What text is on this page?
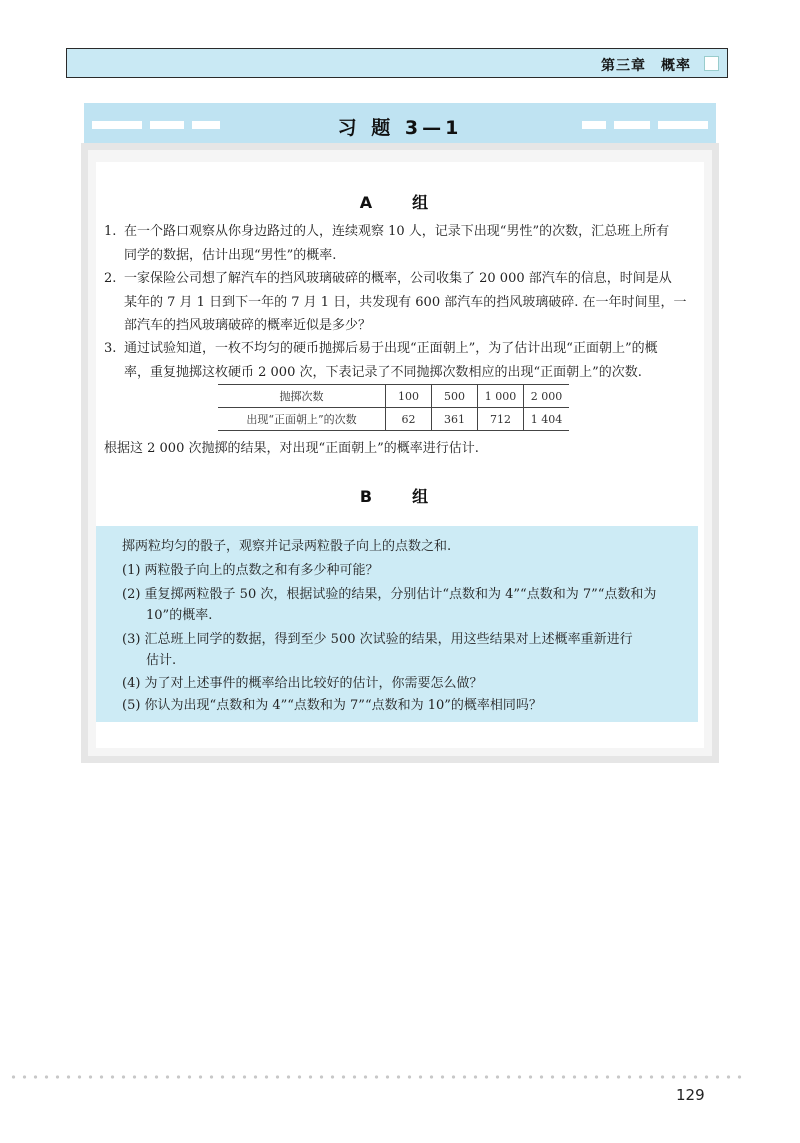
第三章　概率
习 题 3—1
A　组
1. 在一个路口观察从你身边路过的人，连续观察 10 人，记录下出现“男性”的次数，汇总班上所有
同学的数据，估计出现“男性”的概率.
2. 一家保险公司想了解汽车的挡风玻璃破碎的概率，公司收集了 20 000 部汽车的信息，时间是从
某年的 7 月 1 日到下一年的 7 月 1 日，共发现有 600 部汽车的挡风玻璃破碎. 在一年时间里，一
部汽车的挡风玻璃破碎的概率近似是多少？
3. 通过试验知道，一枚不均匀的硬币抛掷后易于出现“正面朝上”，为了估计出现“正面朝上”的概
率，重复抛掷这枚硬币 2 000 次，下表记录了不同抛掷次数相应的出现“正面朝上”的次数.
抛掷次数	100	500	1 000	2 000
出现“正面朝上”的次数	62	361	712	1 404
根据这 2 000 次抛掷的结果，对出现“正面朝上”的概率进行估计.
B　组
掷两粒均匀的骰子，观察并记录两粒骰子向上的点数之和.
(1) 两粒骰子向上的点数之和有多少种可能？
(2) 重复掷两粒骰子 50 次，根据试验的结果，分别估计“点数和为 4”“点数和为 7”“点数和为
10”的概率.
(3) 汇总班上同学的数据，得到至少 500 次试验的结果，用这些结果对上述概率重新进行
估计.
(4) 为了对上述事件的概率给出比较好的估计，你需要怎么做？
(5) 你认为出现“点数和为 4”“点数和为 7”“点数和为 10”的概率相同吗？
129
